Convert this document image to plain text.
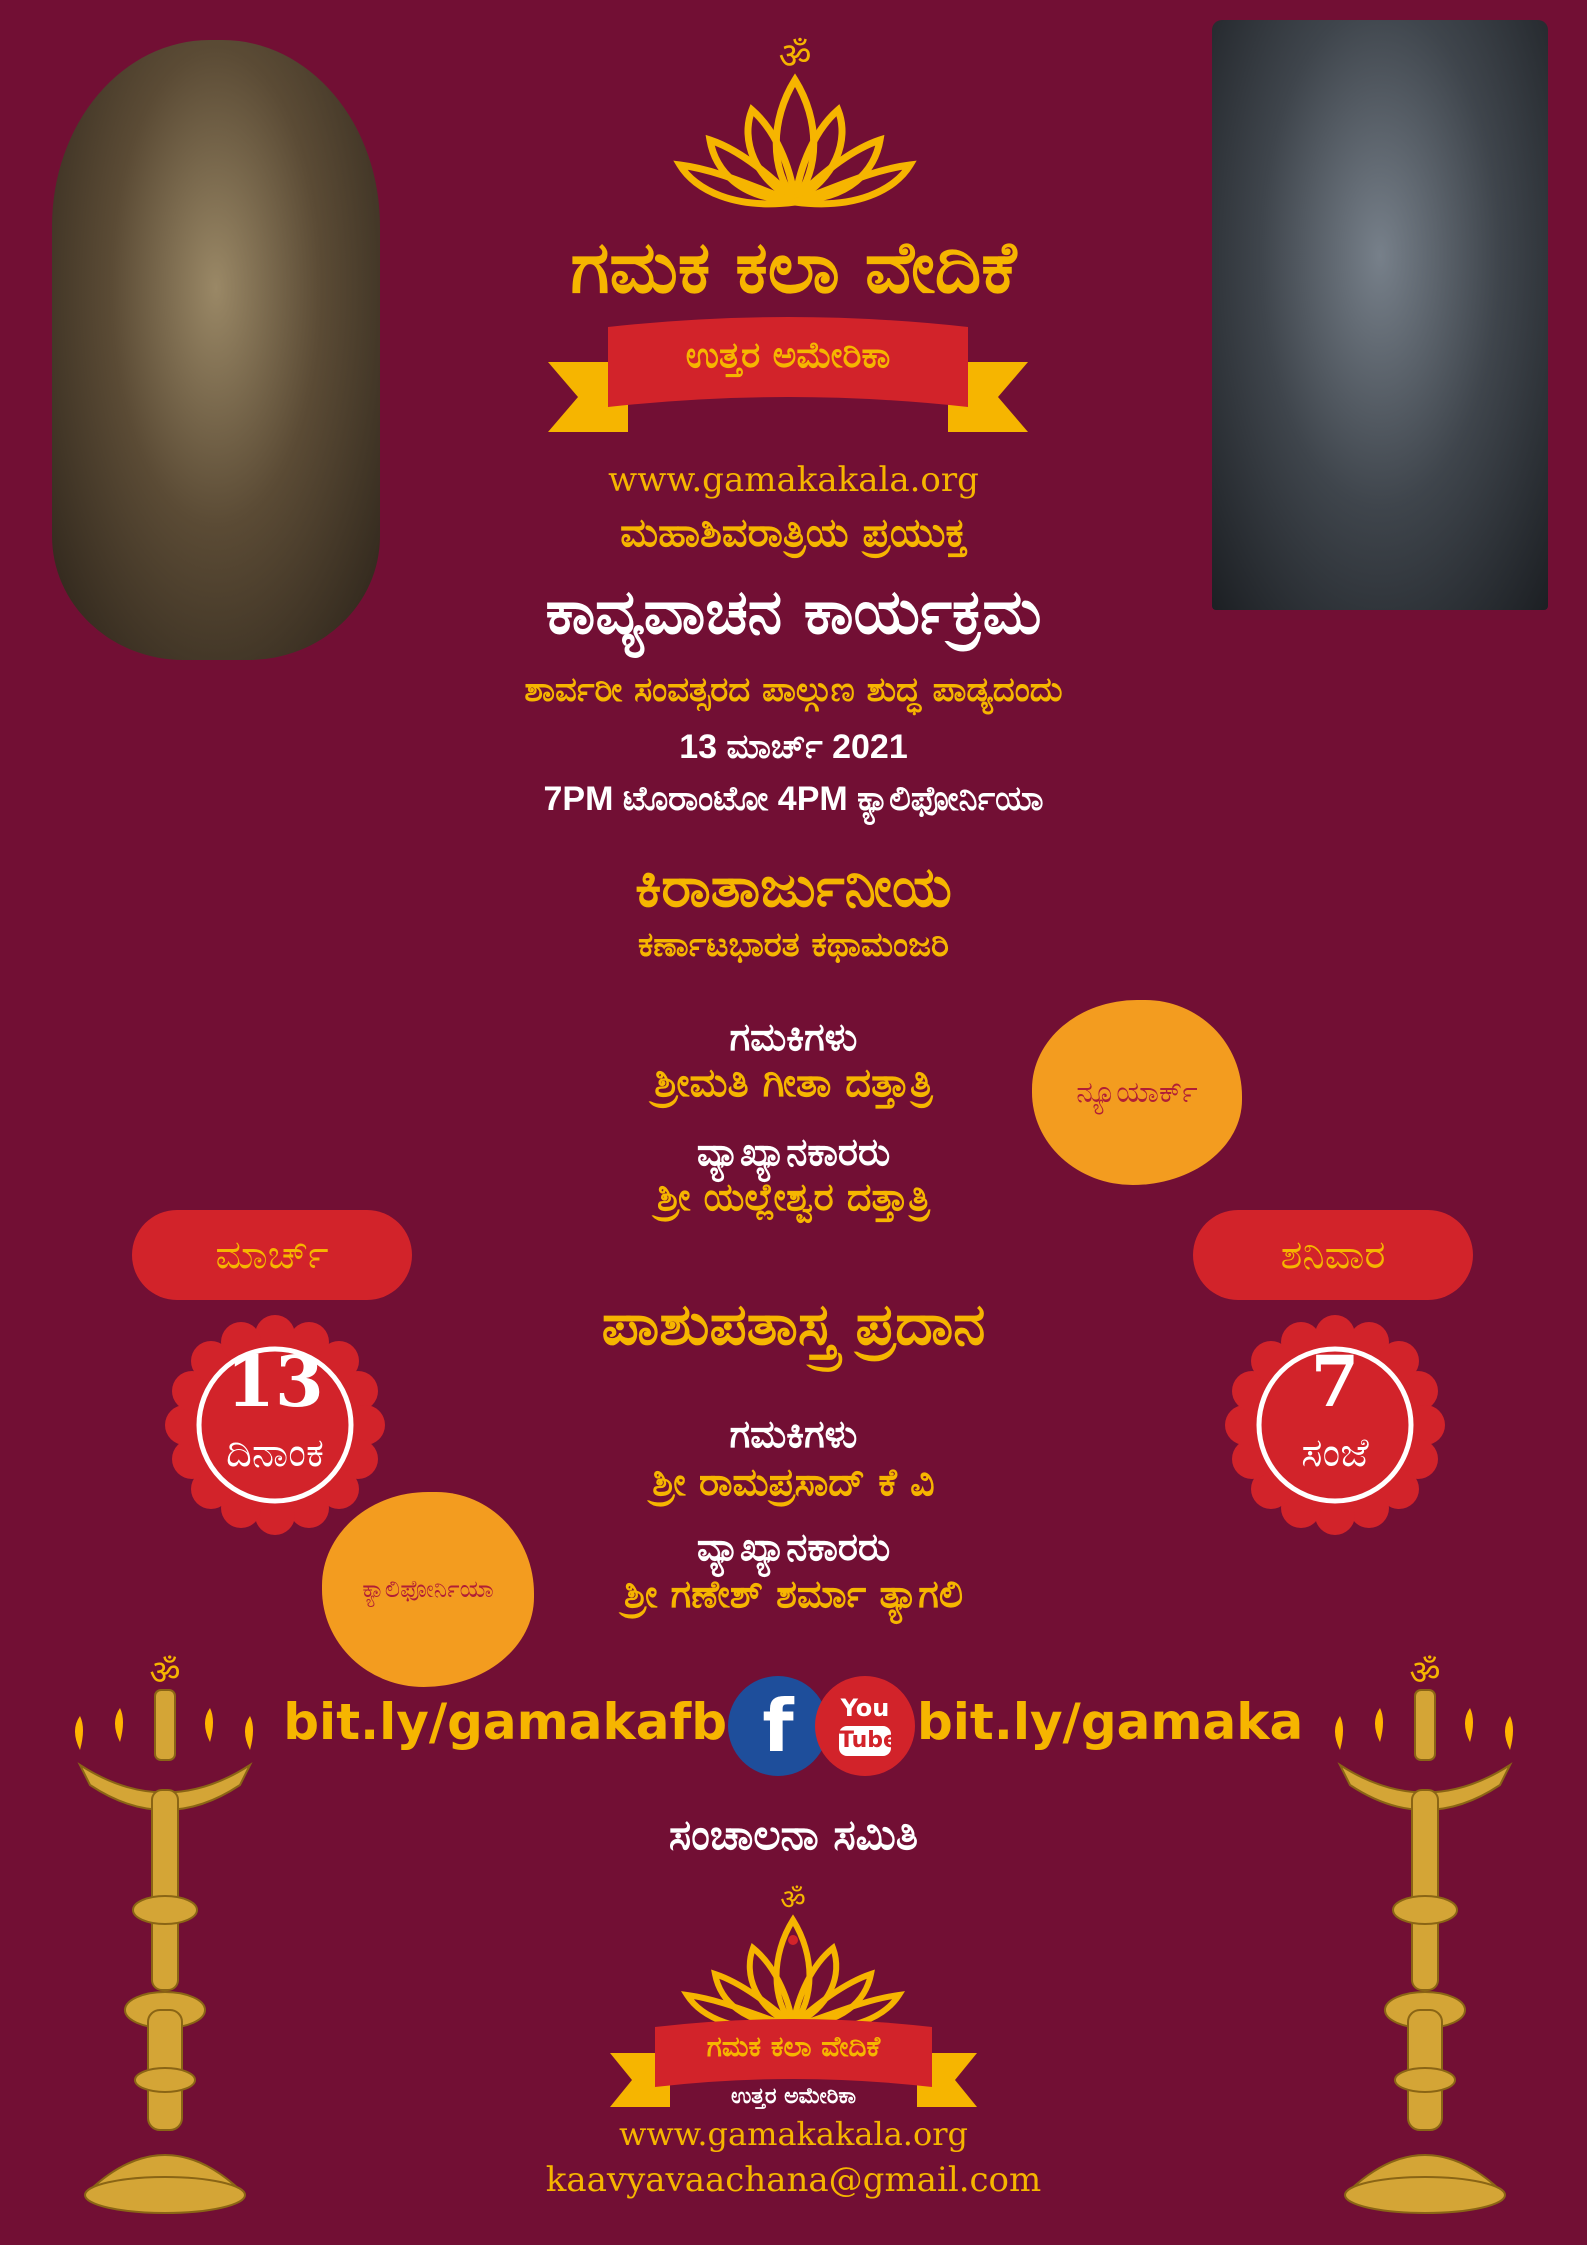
ॐ
ಗಮಕ ಕಲಾ ವೇದಿಕೆ
ಉತ್ತರ ಅಮೇರಿಕಾ
www.gamakakala.org
ಮಹಾಶಿವರಾತ್ರಿಯ ಪ್ರಯುಕ್ತ
ಕಾವ್ಯವಾಚನ ಕಾರ್ಯಕ್ರಮ
ಶಾರ್ವರೀ ಸಂವತ್ಸರದ ಪಾಲ್ಗುಣ ಶುದ್ಧ ಪಾಡ್ಯದಂದು
13 ಮಾರ್ಚ್ 2021
7PM ಟೊರಾಂಟೋ 4PM ಕ್ಯಾಲಿಫೋರ್ನಿಯಾ
ಕಿರಾತಾರ್ಜುನೀಯ
ಕರ್ಣಾಟಭಾರತ ಕಥಾಮಂಜರಿ
ಗಮಕಿಗಳು
ಶ್ರೀಮತಿ ಗೀತಾ ದತ್ತಾತ್ರಿ
ವ್ಯಾಖ್ಯಾನಕಾರರು
ಶ್ರೀ ಯಲ್ಲೇಶ್ವರ ದತ್ತಾತ್ರಿ
ನ್ಯೂಯಾರ್ಕ್
ಮಾರ್ಚ್
13
ದಿನಾಂಕ
ಶನಿವಾರ
7
ಸಂಜೆ
ಪಾಶುಪತಾಸ್ತ್ರ ಪ್ರದಾನ
ಗಮಕಿಗಳು
ಶ್ರೀ ರಾಮಪ್ರಸಾದ್ ಕೆ ವಿ
ವ್ಯಾಖ್ಯಾನಕಾರರು
ಶ್ರೀ ಗಣೇಶ್ ಶರ್ಮಾ ತ್ಯಾಗಲಿ
ಕ್ಯಾಲಿಫೋರ್ನಿಯಾ
bit.ly/gamakafb f	You
Tube bit.ly/gamaka
ಸಂಚಾಲನಾ ಸಮಿತಿ
ॐ	ॐ
ॐ
ಗಮಕ ಕಲಾ ವೇದಿಕೆ
ಉತ್ತರ ಅಮೇರಿಕಾ
www.gamakakala.org
kaavyavaachana@gmail.com
